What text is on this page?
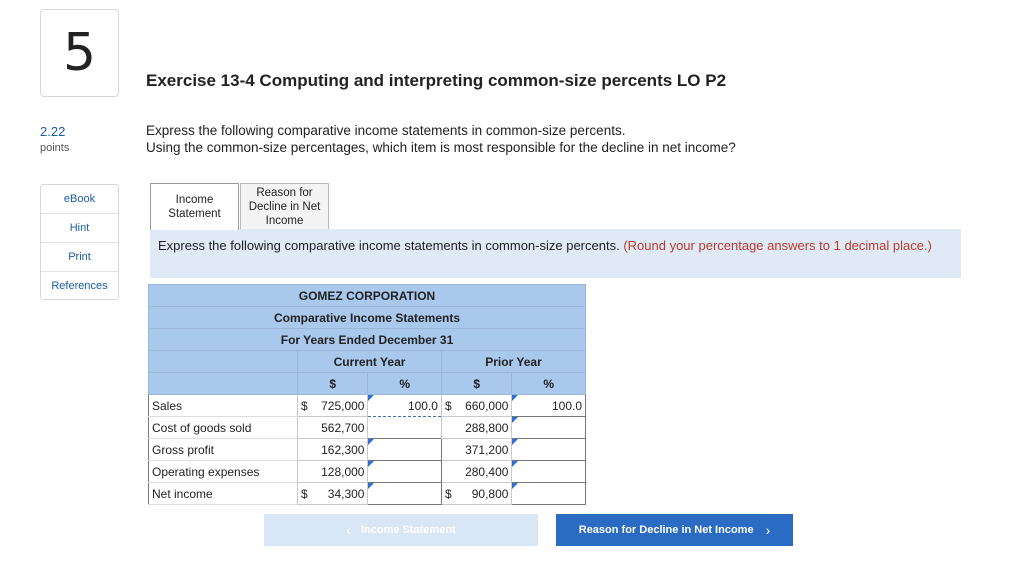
5
2.22
points
eBook
Hint
Print
References
Exercise 13-4 Computing and interpreting common-size percents LO P2
Express the following comparative income statements in common-size percents.
Using the common-size percentages, which item is most responsible for the decline in net income?
Income Statement
Reason for Decline in Net Income
Express the following comparative income statements in common-size percents. (Round your percentage answers to 1 decimal place.)
GOMEZ CORPORATION				
Comparative Income Statements				
For Years Ended December 31				
	Current Year		Prior Year	
	$	%	$	%
Sales	$ 725,000	100.0	$ 660,000	100.0
Cost of goods sold	562,700		288,800	
Gross profit	162,300		371,200	
Operating expenses	128,000		280,400	
Net income	$ 34,300		$ 90,800	
‹ Income Statement	Reason for Decline in Net Income ›
